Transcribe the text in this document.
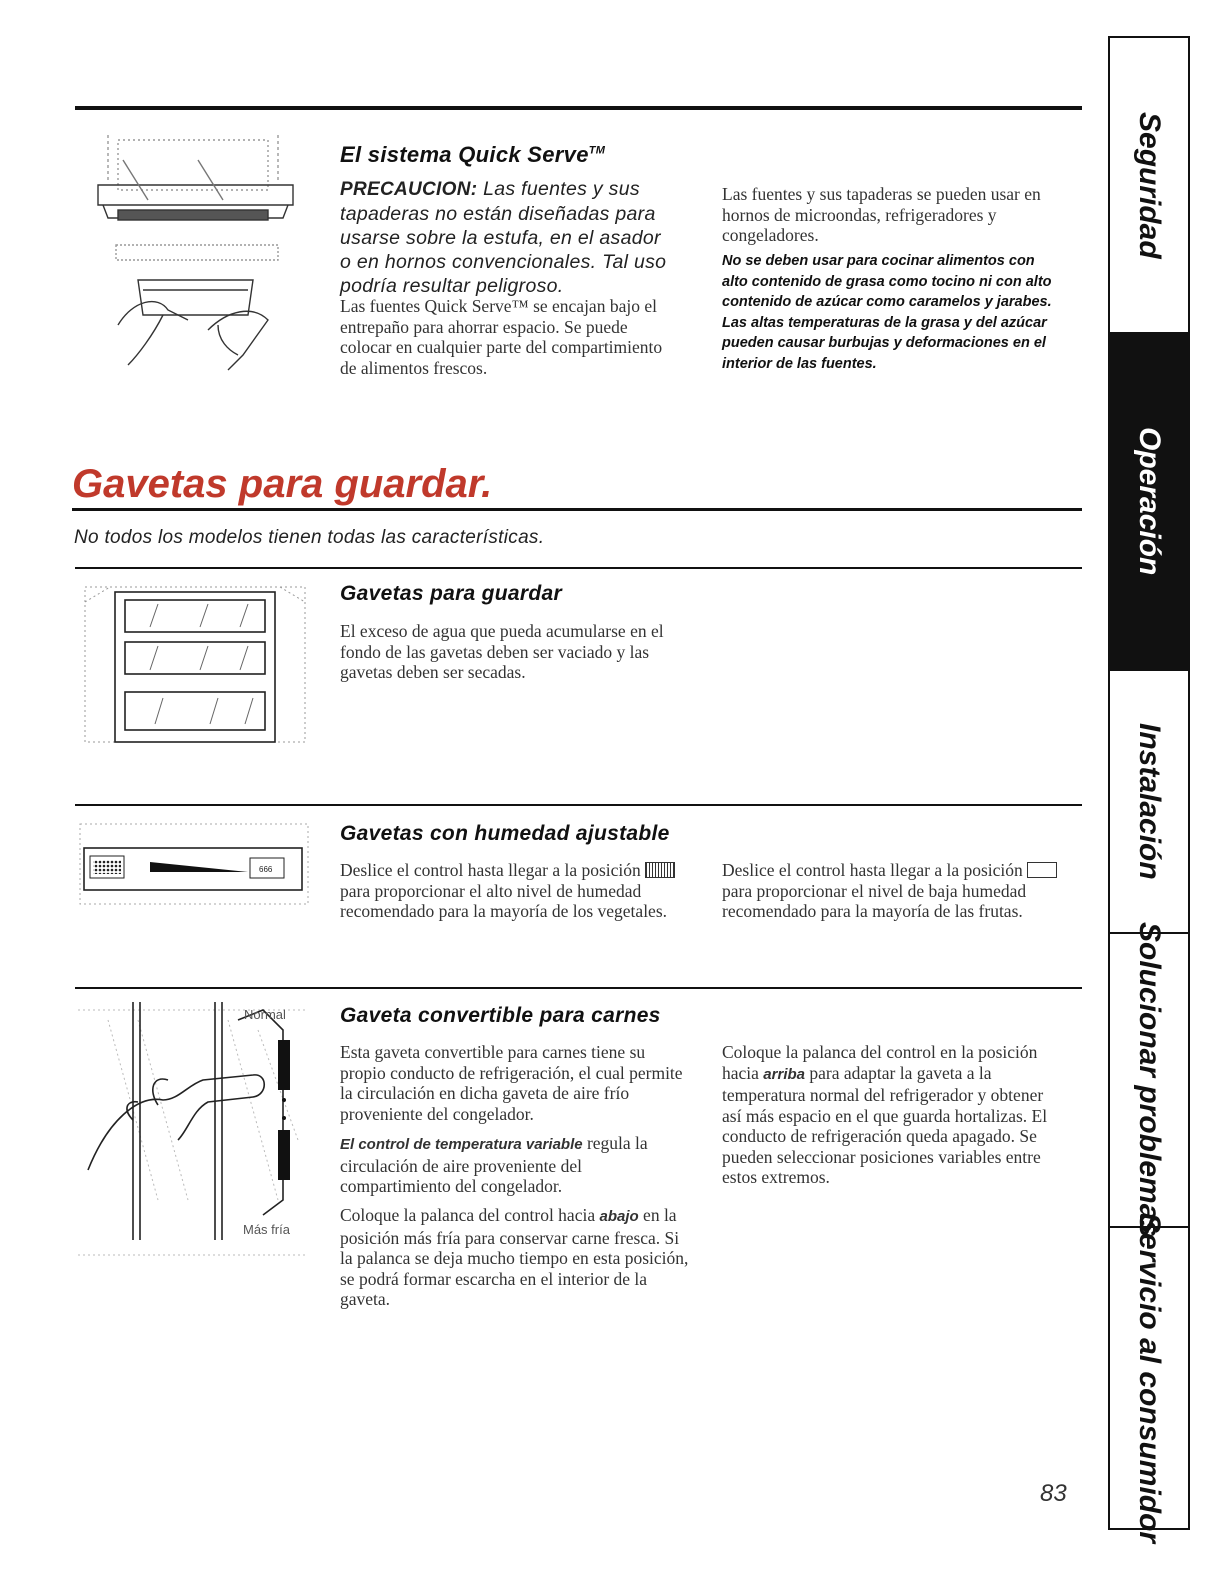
El sistema Quick Serve™
PRECAUCION: Las fuentes y sus tapaderas no están diseñadas para usarse sobre la estufa, en el asador o en hornos convencionales. Tal uso podría resultar peligroso.
Las fuentes Quick Serve™ se encajan bajo el entrepaño para ahorrar espacio. Se puede colocar en cualquier parte del compartimiento de alimentos frescos.
Las fuentes y sus tapaderas se pueden usar en hornos de microondas, refrigeradores y congeladores.
No se deben usar para cocinar alimentos con alto contenido de grasa como tocino ni con alto contenido de azúcar como caramelos y jarabes. Las altas temperaturas de la grasa y del azúcar pueden causar burbujas y deformaciones en el interior de las fuentes.
Gavetas para guardar.
No todos los modelos tienen todas las características.
Gavetas para guardar
El exceso de agua que pueda acumularse en el fondo de las gavetas deben ser vaciado y las gavetas deben ser secadas.
666
Gavetas con humedad ajustable
Deslice el control hasta llegar a la posición para proporcionar el alto nivel de humedad recomendado para la mayoría de los vegetales.
Deslice el control hasta llegar a la posición para proporcionar el nivel de baja humedad recomendado para la mayoría de las frutas.
Normal
Más fría
Gaveta convertible para carnes
Esta gaveta convertible para carnes tiene su propio conducto de refrigeración, el cual permite la circulación en dicha gaveta de aire frío proveniente del congelador.
El control de temperatura variable regula la circulación de aire proveniente del compartimiento del congelador.
Coloque la palanca del control hacia abajo en la posición más fría para conservar carne fresca. Si la palanca se deja mucho tiempo en esta posición, se podrá formar escarcha en el interior de la gaveta.
Coloque la palanca del control en la posición hacia arriba para adaptar la gaveta a la temperatura normal del refrigerador y obtener así más espacio en el que guarda hortalizas. El conducto de refrigeración queda apagado. Se pueden seleccionar posiciones variables entre estos extremos.
83
Seguridad
Operación
Instalación
Solucionar problemas
Servicio al consumidor
